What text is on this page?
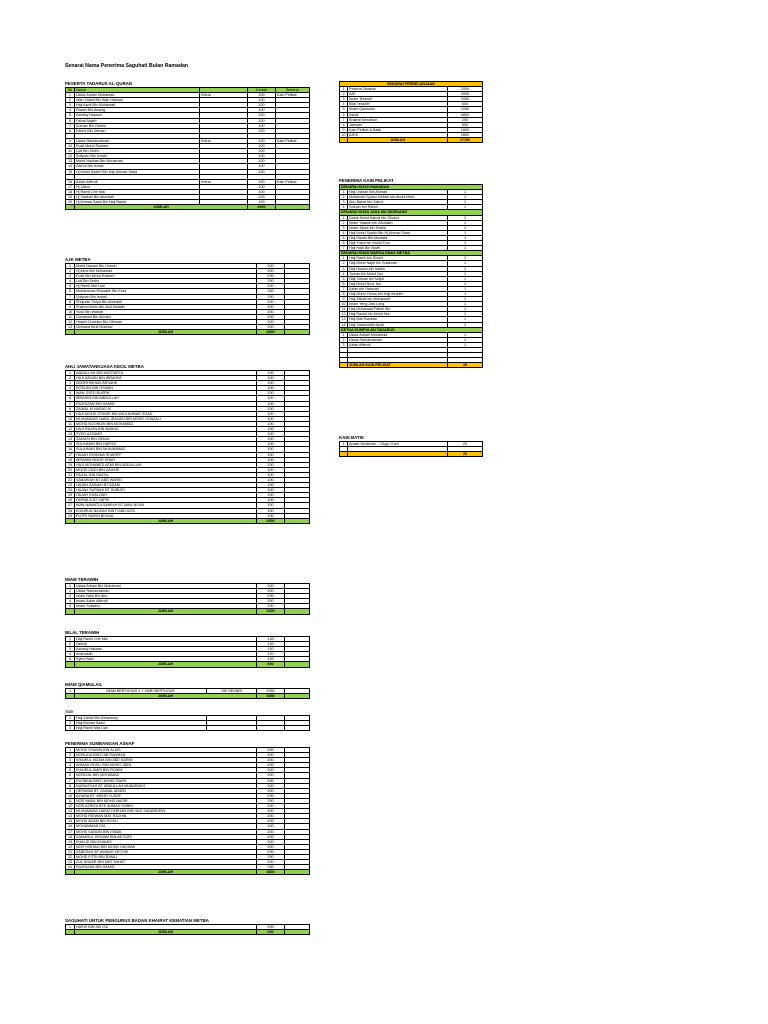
Senarai Nama Penerima Saguhati Bulan Ramadan
PESERTA TADARUS AL-QURAN
Bil	Nama		Jumlah	Beserta
1	Ustaz Adnan Mohamad	Ketua	100	Kain Pelikat
2	Wan Zaladi Bin Wan Hassan		100	
3	Haji Asmi Bin Mohamad		100	
4	Razan Bin Awang		100	
5	Azriady Hassan		100	
6	Faizal Najeb		100	
7	Sofuan Bin Rahim		100	
8	Fahmi Bin Osman		100	

9	Ustaz Ramanzaman	Ketua	100	Kain Pelikat
10	Rusli Mohd Rostam		100	
11	Lutt Bin Selim		100	
12	Sofyuan Bin Ismail		100	
13	Mohd Naziran Bin Mohamad		100	
14	Zarhul Bin Ismail		100	
15	Hj Mohd Syahir Bin Haji Ahmad Saad		100	

16	Azlan Affendi	Ketua	100	Kain Pelikat
17	Hj Jalius		100	
18	Hj Ramli Che Mia		100	
19	Hj Yaakob Bin Abdullah		100	
20	Hj Ahmad Saad Bin Haji Bakar		100	
	JUMLAH		2000	
AJK METBA
1	Mohd Nazam Bin Hussin	200	
2	Hj Asmi Bin Mohamad	200	
3	Rusli Bin Mohd Rostam	200	
4	Lutt Bin Selim	200	
5	Hj Ramli Mat Lian	200	
6	Muhammad Ghazalie Bin Fazil	200	
7	Sofyuan Bin Ismail	200	
8	Shujudin Sofya Bin Abdullah	200	
9	Shahrul Amin Bin Abd Mutalib	200	
10	Yusri Bin Wahab	200	
11	Gunawan Bin Ahmad	200	
12	Hasah Chetrian Bin Othman	200	
13	Norhana Binti Mokhtar	200	
	JUMLAH	2600	
AHLI JAWATANKUASA KECIL METBA
1	ABDULLAH BIN MUSTAFFA	100	
2	HAJI AZMAN BIN IBRAHIM	100	
3	NOORHISHAM ARSAHK	100	
4	ROSLAN BIN OSMAN	100	
5	WAN SYED BUSRN	100	
6	IBRAHIM BIN ABDULLAH	100	
7	RAZHIZAN BIN HAMID	100	
8	ZAINAL M HARAS M	100	
9	HAJI MOHD STANRI BIN HAJI AHMAD SOAD	100	
10	MUHAMMAD NABIL IRAHAN BIN MOHD GHAZALI	100	
11	MOHD NOORDIN BIN MOHAMAD	100	
12	HAJI RAJAN BIN AWANG	100	
13	SYED AZZAMR	100	
14	SANUSI BIN ISMAIL	100	
15	SULAIMAN BIN HAFIEZ	100	
16	SULAIMAN BIN MUHAMMAD	100	
17	HAJAH ROHANA SHARIFF	100	
18	IBRAHIM MOHD SHAH	100	
19	HAJI MOHAMED AFMI BIN ABDULLAH	100	
20	MOHD ZAIDI BIN ZAHARI	100	
21	FAIZAL BIN NAZOL	100	
22	SABARIAH BT ABD WAHID	100	
23	HAJAH ZAINAH BT ADAM	100	
24	HAJAH SURIANI BT SUBURI	100	
25	HAJAH KHALIJAH	100	
26	FARIMLA BT SAPIE	100	
27	WAN NAWATULSAWIAH BT WAN NGAH	100	
28	KHAIRUN NAZIAH BINTI ABD AZIS	100	
29	PUTRI NURIN BIGINA	100	
	JUMLAH	2900	
IMAM TERAWIH
1	Ustaz Adnan Bin Mohamad	200	
2	Ustaz Ramanzaman	200	
3	Imam Nasi Bin Abu	200	
4	Imam Azlan Affendi	200	
5	Imam Suhaimi	200	
	JUMLAH	1000	
BILAL TERAWIH
1	Haji Ramli Che Mia	120	
2	Zamuli	120	
3	Azriady Hassan	120	
4	Amiruddin	120	
5	Syed Hafiz	120	
	JUMLAH	600	
IMAM QIAMULAIL
1	IMAM BERTUGAS X 7 HARI BERTUGAS	150 SEHARI	1050	
	JUMLAH		1050	
Siak
1	Haji Zainal Bin Dewasony			
2	Haji Ahmad Saad			
3	Haji Ramli Mat Lian			
PENERIMA SUMBANGAN ASNAF
1	MOHD SYAMIN BIN ALIAS	200	
2	NORLIDA BINTI AB RAHMAN	200	
3	KHAIRUL NIZAM BIN ABD KARIM	200	
4	AHMAD ROSLI BIN MOHD JIDIN	200	
5	KHAIRUL AMRI BIN ROHIM	200	
6	NORIZAL BIN MOHAMAD	200	
7	RUSBINA BINTI MOHD RAFIK	200	
8	NURAISYAH BT ABDULLAH MUBARAKH	200	
9	HERMINA BT. ZAINAL ABIDIN	200	
10	AZIANA BT. MOHD YUSOF	200	
11	NOR NABIL BIN MOHD NASIR	200	
12	NOR AZRIZA BTE AHMAD SOBRI	200	
13	MUHAMMAD HARIZ FARHAN BIN HAJI SAHARUDIN	200	
14	MOHD RIDWAN MAT RAZHIN	200	
15	MOHD ADAM BIN ROSLI	200	
16	MOHAMMAD ISA	200	
17	MOHD SANUSI BIN ISMAIL	200	
18	KAMARUL HISHAM BIN AB SURI	200	
19	KHALID BIN KHAMIS	200	
20	NOR HISHAM BIN MOHD HASSAN	200	
21	ZABEDAH BT AWANG KECHIK	200	
22	MOHD FITRI BIN RAMLI	200	
23	ZUL ANUAR BIN MAT SAHAT	200	
24	RAZHIZAN BIN HAMID	200	
	JUMLAH	4800	
SAGUHATI UNTUK PENGURUS BADAN KHAIRAT KEMATIAN METBA
1	HARIS BIN MD ISA	200	
	JUMLAH	200	
SENARAI PERBELANJAAN		
1	Peserta Tadarus	2000
2	AJK	2600
3	Imam Terawih	1000
4	Bilal Terawih	600
5	Imam Qiamulail	1050
6	Asnaf	4800
7	Khairat Kematian	200
8	Jamuan	500
9	Kain Pelikat & Batik	1600
10	AJKK	2800
	JUMLAH	17150
PENERIMA KAIN PELIKAT
SENARAI KHAS RAMADAN		
1	Haji Osman Bin Ahmad	1
2	Mohamad Syarul Hafizie bin Abdul Mebi	1
3	Abu Bakar bin Zainol	1
4	Sofuan bin Rahim	1
SENARAI KHAS JASA MU DIKENANG		
1	Datuk Mohd Kamal bin Shukor	1
2	Imam Yaakob bin Abdullah	1
3	Imam Jalius bin Khalid	1
4	Haji Mohd Syahir Bin Hj Ahmad Saad	1
5	Haji Razali Bin Mustafa	1
6	Haji Yusof bin Mohd Toor	1
7	Haji Hadi Bin Badri	1
SENARAI KHAS WARGA EMAS METBA		
1	Haji Ramli bin Shukri	1
2	Haji Mohd Najib bin Sulaiman	1
3	Haji Hussin bin Salleh	1
4	Tuwan bin Mohd Nor	1
5	Haji Sofuan bin Majid	1
6	Haji Mohd Noor Isa	1
7	Azlan bin Hamzah	1
8	Haji Mohd Yunus bin Haji Ibrahim	1
9	Haji Zainal bin Mohamad	1
10	Imam Yeng Jaw Long	1
11	Haji Mohamad Fathel Bin	1
12	Haji Razali bin Mohd Nor	1
13	Haji Mat Rosdian	1
14	Haji Salahuddin Ayub	1
KETUA KUMPULAN TADARUS		
1	Ustaz Adnan Mohamad	1
2	Ustaz Ramanzaman	1
3	Azlan Affendi	1

	JUMLAH KAIN PELIKAT	28
KAIN BATIK
1	Arwah Muslimah - Cikgu Cheri	20

		20
